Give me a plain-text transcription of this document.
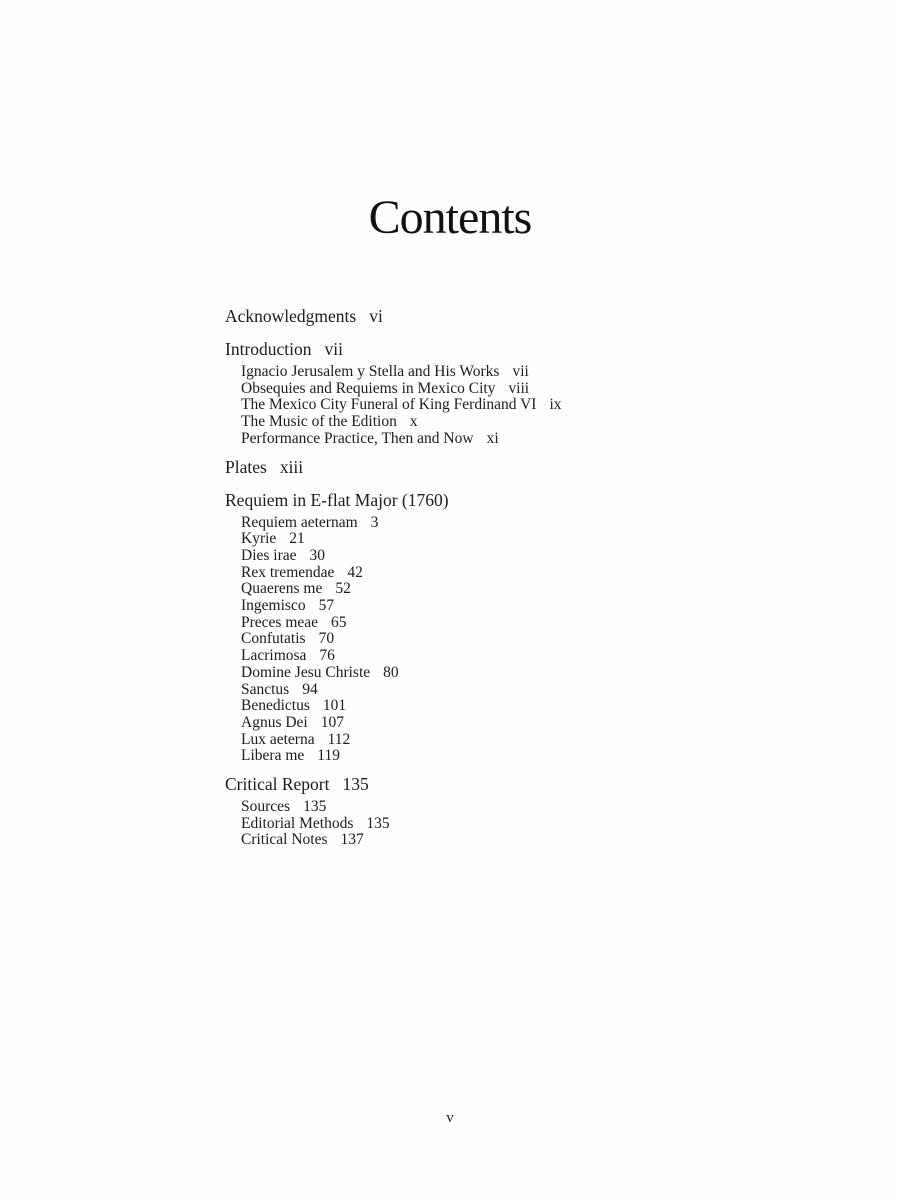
Contents
Acknowledgments vi
Introduction vii
Ignacio Jerusalem y Stella and His Works vii
Obsequies and Requiems in Mexico City viii
The Mexico City Funeral of King Ferdinand VI ix
The Music of the Edition x
Performance Practice, Then and Now xi
Plates xiii
Requiem in E-flat Major (1760)
Requiem aeternam 3
Kyrie 21
Dies irae 30
Rex tremendae 42
Quaerens me 52
Ingemisco 57
Preces meae 65
Confutatis 70
Lacrimosa 76
Domine Jesu Christe 80
Sanctus 94
Benedictus 101
Agnus Dei 107
Lux aeterna 112
Libera me 119
Critical Report 135
Sources 135
Editorial Methods 135
Critical Notes 137
v
